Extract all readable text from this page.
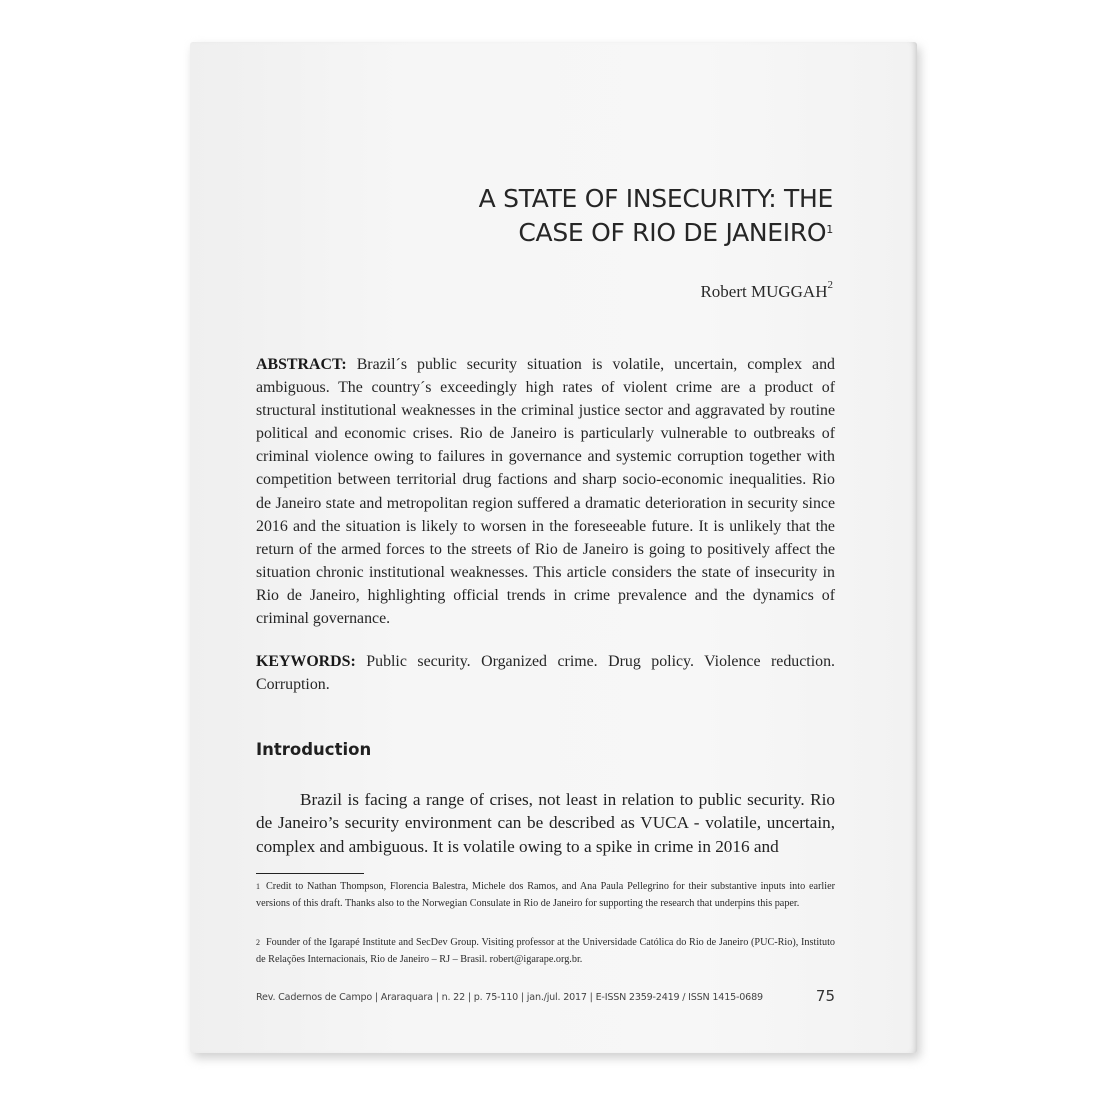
A STATE OF INSECURITY: THE
CASE OF RIO DE JANEIRO$^1$
Robert MUGGAH$^2$

ABSTRACT: Brazil´s public security situation is volatile, uncertain, complex and ambiguous. The country´s exceedingly high rates of violent crime are a product of structural institutional weaknesses in the criminal justice sector and aggravated by routine political and economic crises. Rio de Janeiro is particularly vulnerable to outbreaks of criminal violence owing to failures in governance and systemic corruption together with competition between territorial drug factions and sharp socio-economic inequalities. Rio de Janeiro state and metropolitan region suffered a dramatic deterioration in security since 2016 and the situation is likely to worsen in the foreseeable future. It is unlikely that the return of the armed forces to the streets of Rio de Janeiro is going to positively affect the situation chronic institutional weaknesses. This article considers the state of insecurity in Rio de Janeiro, highlighting official trends in crime prevalence and the dynamics of criminal governance.

KEYWORDS: Public security. Organized crime. Drug policy. Violence reduction. Corruption.

Introduction

Brazil is facing a range of crises, not least in relation to public security. Rio de Janeiro’s security environment can be described as VUCA - volatile, uncertain, complex and ambiguous. It is volatile owing to a spike in crime in 2016 and

$^1$ Credit to Nathan Thompson, Florencia Balestra, Michele dos Ramos, and Ana Paula Pellegrino for their substantive inputs into earlier versions of this draft. Thanks also to the Norwegian Consulate in Rio de Janeiro for supporting the research that underpins this paper.

$^2$ Founder of the Igarapé Institute and SecDev Group. Visiting professor at the Universidade Católica do Rio de Janeiro (PUC-Rio), Instituto de Relações Internacionais, Rio de Janeiro – RJ – Brasil. robert@igarape.org.br.

Rev. Cadernos de Campo | Araraquara | n. 22 | p. 75-110 | jan./jul. 2017 | E-ISSN 2359-2419 / ISSN 1415-0689	75
